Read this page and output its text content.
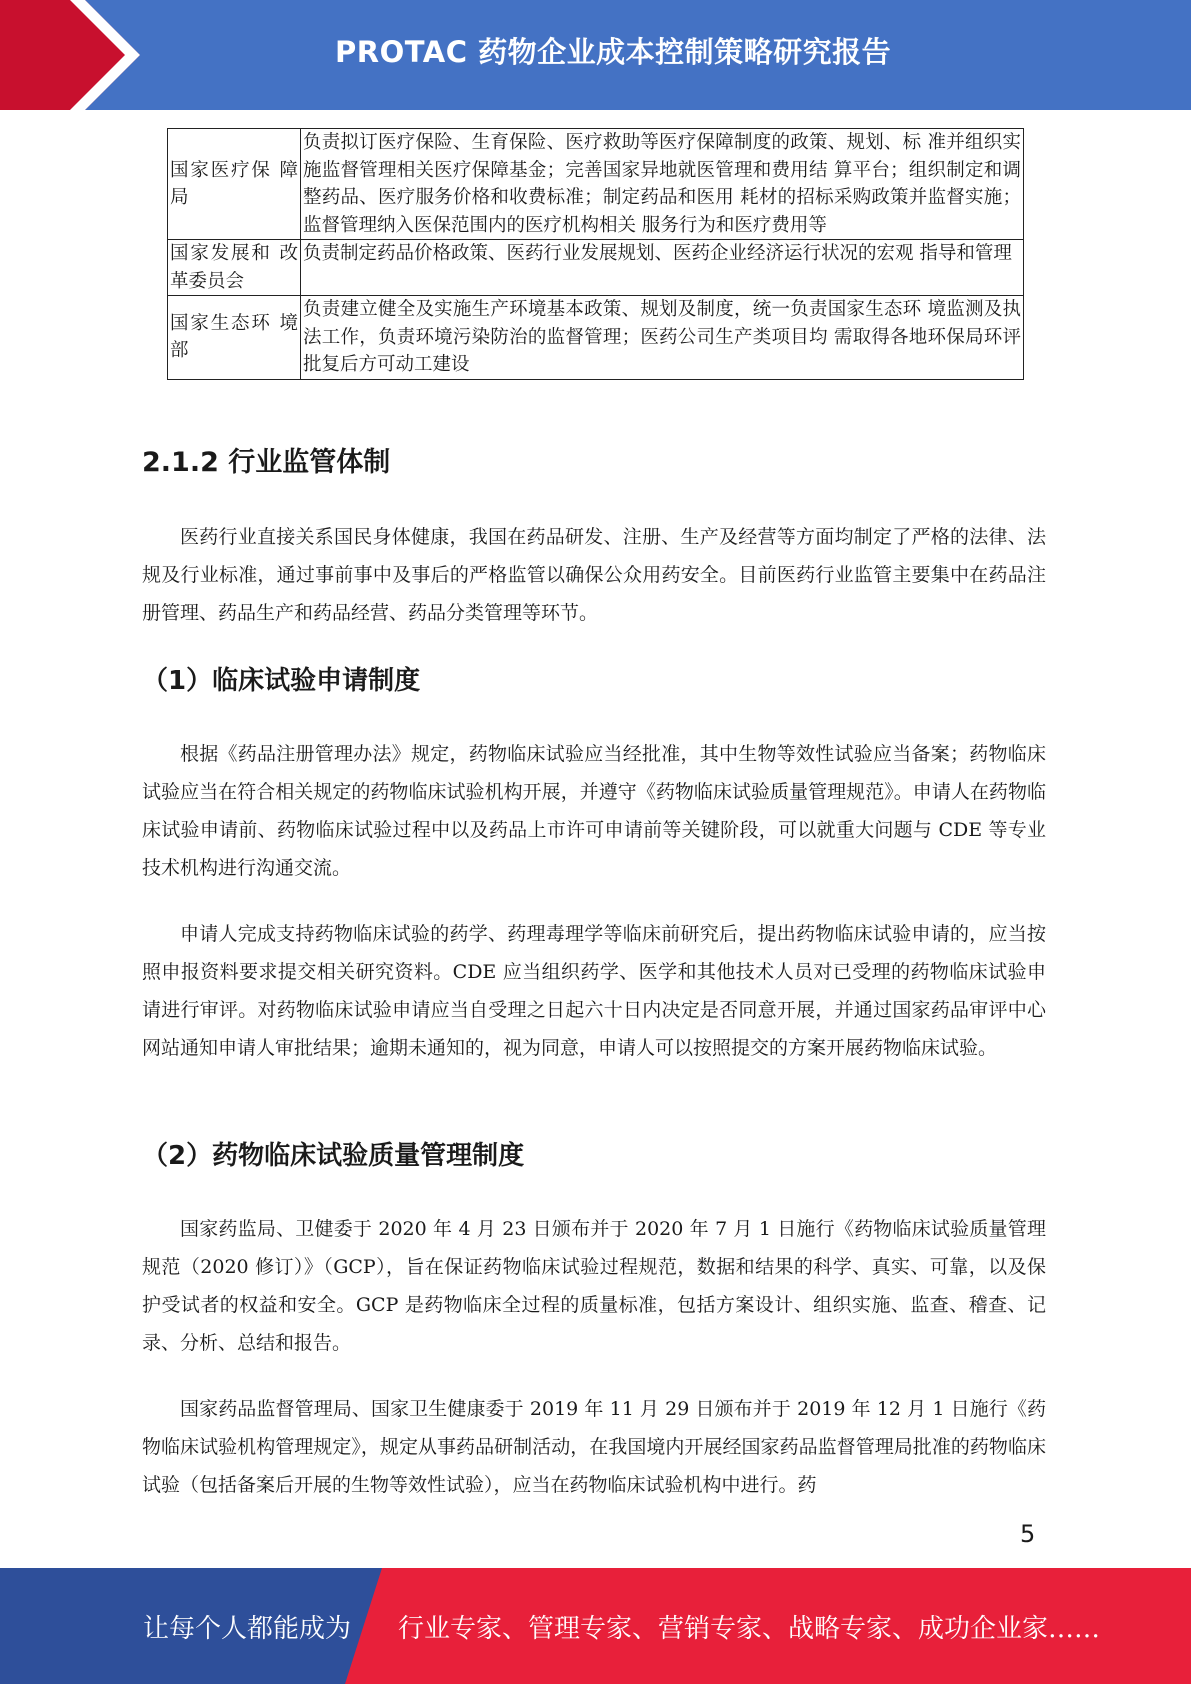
PROTAC 药物企业成本控制策略研究报告
国家医疗保 障局	负责拟订医疗保险、生育保险、医疗救助等医疗保障制度的政策、规划、标 准并组织实施监督管理相关医疗保障基金；完善国家异地就医管理和费用结 算平台；组织制定和调整药品、医疗服务价格和收费标准；制定药品和医用 耗材的招标采购政策并监督实施；监督管理纳入医保范围内的医疗机构相关 服务行为和医疗费用等
国家发展和 改革委员会	负责制定药品价格政策、医药行业发展规划、医药企业经济运行状况的宏观 指导和管理
国家生态环 境部	负责建立健全及实施生产环境基本政策、规划及制度，统一负责国家生态环 境监测及执法工作，负责环境污染防治的监督管理；医药公司生产类项目均 需取得各地环保局环评批复后方可动工建设
2.1.2 行业监管体制

医药行业直接关系国民身体健康，我国在药品研发、注册、生产及经营等方面均制定了严格的法律、法规及行业标准，通过事前事中及事后的严格监管以确保公众用药安全。目前医药行业监管主要集中在药品注册管理、药品生产和药品经营、药品分类管理等环节。

（1）临床试验申请制度

根据《药品注册管理办法》规定，药物临床试验应当经批准，其中生物等效性试验应当备案；药物临床试验应当在符合相关规定的药物临床试验机构开展，并遵守《药物临床试验质量管理规范》。申请人在药物临床试验申请前、药物临床试验过程中以及药品上市许可申请前等关键阶段，可以就重大问题与 CDE 等专业技术机构进行沟通交流。

申请人完成支持药物临床试验的药学、药理毒理学等临床前研究后，提出药物临床试验申请的，应当按照申报资料要求提交相关研究资料。CDE 应当组织药学、医学和其他技术人员对已受理的药物临床试验申请进行审评。对药物临床试验申请应当自受理之日起六十日内决定是否同意开展，并通过国家药品审评中心网站通知申请人审批结果；逾期未通知的，视为同意，申请人可以按照提交的方案开展药物临床试验。

（2）药物临床试验质量管理制度

国家药监局、卫健委于 2020 年 4 月 23 日颁布并于 2020 年 7 月 1 日施行《药物临床试验质量管理规范（2020 修订）》（GCP），旨在保证药物临床试验过程规范，数据和结果的科学、真实、可靠，以及保护受试者的权益和安全。GCP 是药物临床全过程的质量标准，包括方案设计、组织实施、监查、稽查、记录、分析、总结和报告。

国家药品监督管理局、国家卫生健康委于 2019 年 11 月 29 日颁布并于 2019 年 12 月 1 日施行《药物临床试验机构管理规定》，规定从事药品研制活动，在我国境内开展经国家药品监督管理局批准的药物临床试验（包括备案后开展的生物等效性试验），应当在药物临床试验机构中进行。药

5
让每个人都能成为 行业专家、管理专家、营销专家、战略专家、成功企业家……
